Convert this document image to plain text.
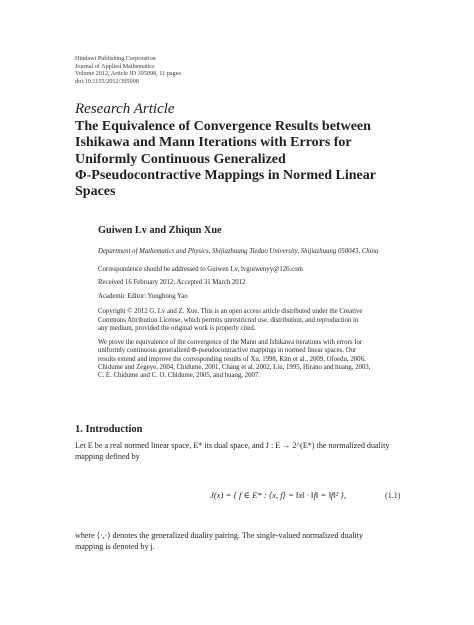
Hindawi Publishing Corporation
Journal of Applied Mathematics
Volume 2012, Article ID 395098, 11 pages
doi:10.1155/2012/395098
Research Article
The Equivalence of Convergence Results between
Ishikawa and Mann Iterations with Errors for
Uniformly Continuous Generalized
Φ-Pseudocontractive Mappings in Normed Linear
Spaces
Guiwen Lv and Zhiqun Xue
Department of Mathematics and Physics, Shijiazhuang Tiedao University, Shijiazhuang 050043, China
Correspondence should be addressed to Guiwen Lv, lvguiwenyy@126.com
Received 16 February 2012; Accepted 31 March 2012
Academic Editor: Yonghong Yao
Copyright © 2012 G. Lv and Z. Xue. This is an open access article distributed under the Creative
Commons Attribution License, which permits unrestricted use, distribution, and reproduction in
any medium, provided the original work is properly cited.
We prove the equivalence of the convergence of the Mann and Ishikawa iterations with errors for
uniformly continuous generalized Φ-pseudocontractive mappings in normed linear spaces. Our
results extend and improve the corresponding results of Xu, 1998, Kim et al., 2009, Ofoedu, 2006,
Chidume and Zegeye, 2004, Chidume, 2001, Chang et al. 2002, Liu, 1995, Hirano and huang, 2003,
C. E. Chidume and C. O. Chidume, 2005, and huang, 2007.
1. Introduction
Let E be a real normed linear space, E* its dual space, and J : E → 2^(E*) the normalized duality
mapping defined by
J(x) = { f ∈ E* : ⟨x, f⟩ = ‖x‖ · ‖f‖ = ‖f‖² },	(1.1)
where ⟨·,·⟩ denotes the generalized duality pairing. The single-valued normalized duality
mapping is denoted by j.
